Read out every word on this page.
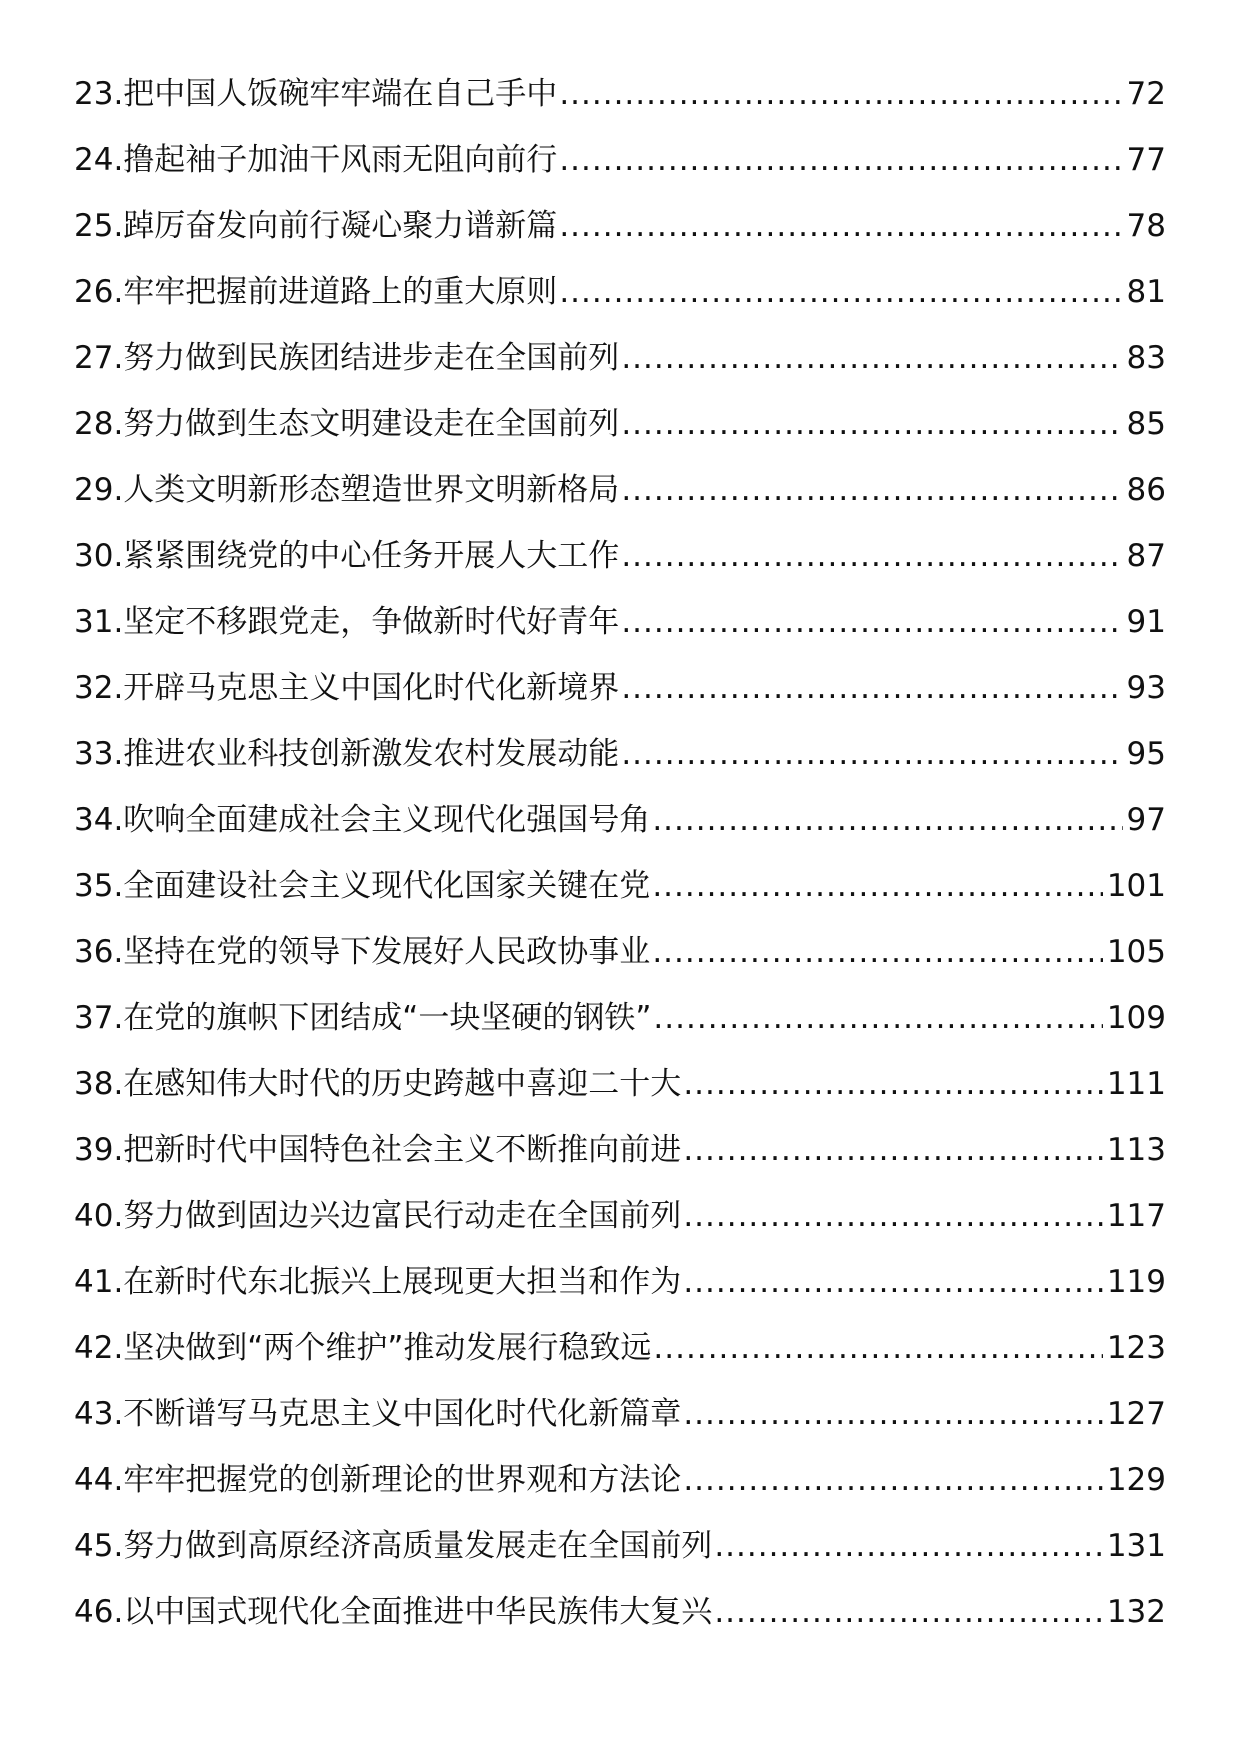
23.把中国人饭碗牢牢端在自己手中 .....	72
24.撸起袖子加油干风雨无阻向前行 .....	77
25.踔厉奋发向前行凝心聚力谱新篇 .....	78
26.牢牢把握前进道路上的重大原则 .....	81
27.努力做到民族团结进步走在全国前列 .....	83
28.努力做到生态文明建设走在全国前列 .....	85
29.人类文明新形态塑造世界文明新格局 .....	86
30.紧紧围绕党的中心任务开展人大工作 .....	87
31.坚定不移跟党走，争做新时代好青年 .....	91
32.开辟马克思主义中国化时代化新境界 .....	93
33.推进农业科技创新激发农村发展动能 .....	95
34.吹响全面建成社会主义现代化强国号角 .....	97
35.全面建设社会主义现代化国家关键在党 .....	101
36.坚持在党的领导下发展好人民政协事业 .....	105
37.在党的旗帜下团结成“一块坚硬的钢铁” .....	109
38.在感知伟大时代的历史跨越中喜迎二十大 .....	111
39.把新时代中国特色社会主义不断推向前进 .....	113
40.努力做到固边兴边富民行动走在全国前列 .....	117
41.在新时代东北振兴上展现更大担当和作为 .....	119
42.坚决做到“两个维护”推动发展行稳致远 .....	123
43.不断谱写马克思主义中国化时代化新篇章 .....	127
44.牢牢把握党的创新理论的世界观和方法论 .....	129
45.努力做到高原经济高质量发展走在全国前列 .....	131
46.以中国式现代化全面推进中华民族伟大复兴 .....	132
